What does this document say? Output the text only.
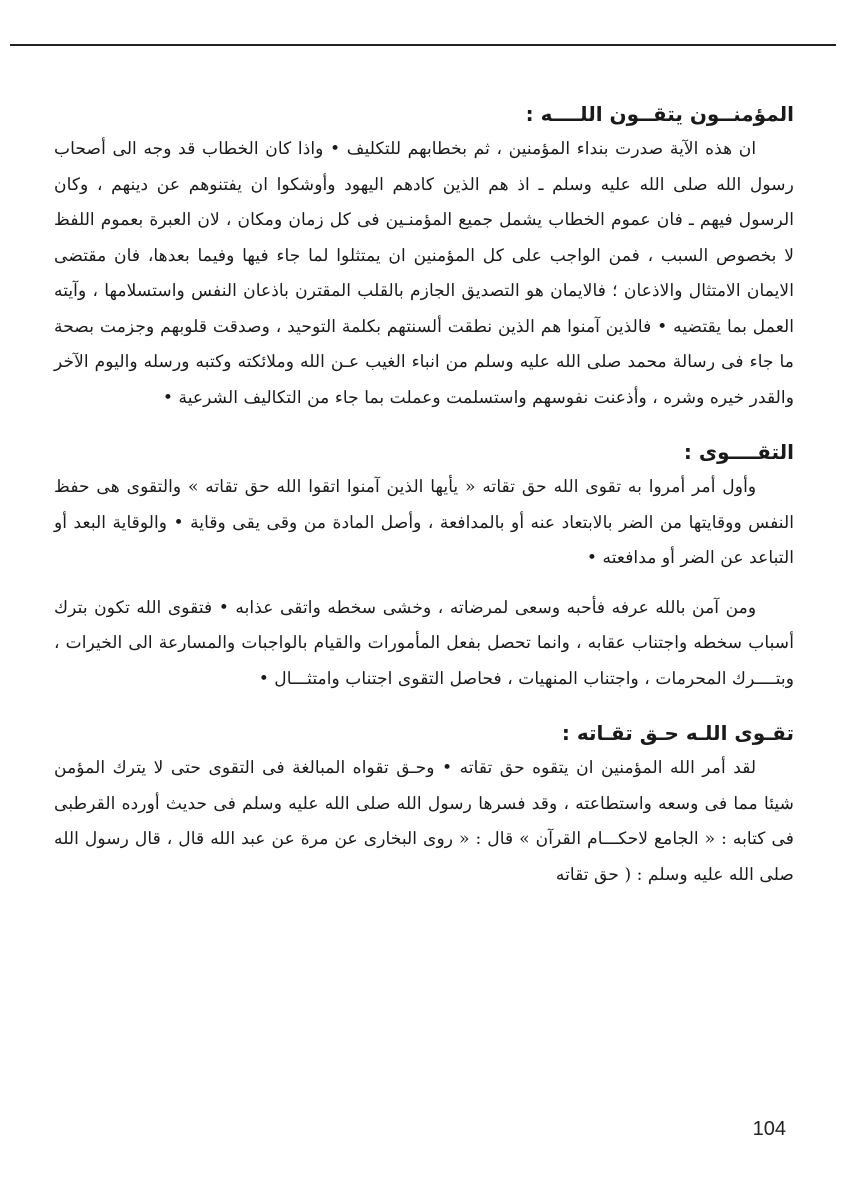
المؤمنــون يتقــون اللــــه :

ان هذه الآية صدرت بنداء المؤمنين ، ثم بخطابهم للتكليف • واذا كان الخطاب قد وجه الى أصحاب رسول الله صلى الله عليه وسلم ـ اذ هم الذين كادهم اليهود وأوشكوا ان يفتنوهم عن دينهم ، وكان الرسول فيهم ـ فان عموم الخطاب يشمل جميع المؤمنـين فى كل زمان ومكان ، لان العبرة بعموم اللفظ لا بخصوص السبب ، فمن الواجب على كل المؤمنين ان يمتثلوا لما جاء فيها وفيما بعدها، فان مقتضى الايمان الامتثال والاذعان ؛ فالايمان هو التصديق الجازم بالقلب المقترن باذعان النفس واستسلامها ، وآيته العمل بما يقتضيه • فالذين آمنوا هم الذين نطقت ألسنتهم بكلمة التوحيد ، وصدقت قلوبهم وجزمت بصحة ما جاء فى رسالة محمد صلى الله عليه وسلم من انباء الغيب عـن الله وملائكته وكتبه ورسله واليوم الآخر والقدر خيره وشره ، وأذعنت نفوسهم واستسلمت وعملت بما جاء من التكاليف الشرعية •

التقــــوى :

وأول أمر أمروا به تقوى الله حق تقاته « يأيها الذين آمنوا اتقوا الله حق تقاته » والتقوى هى حفظ النفس ووقايتها من الضر بالابتعاد عنه أو بالمدافعة ، وأصل المادة من وقى يقى وقاية • والوقاية البعد أو التباعد عن الضر أو مدافعته •

ومن آمن بالله عرفه فأحبه وسعى لمرضاته ، وخشى سخطه واتقى عذابه • فتقوى الله تكون بترك أسباب سخطه واجتناب عقابه ، وانما تحصل بفعل المأمورات والقيام بالواجبات والمسارعة الى الخيرات ، وبتــــرك المحرمات ، واجتناب المنهيات ، فحاصل التقوى اجتناب وامتثـــال •

تقـوى اللـه حـق تقـاته :

لقد أمر الله المؤمنين ان يتقوه حق تقاته • وحـق تقواه المبالغة فى التقوى حتى لا يترك المؤمن شيئا مما فى وسعه واستطاعته ، وقد فسرها رسول الله صلى الله عليه وسلم فى حديث أورده القرطبى فى كتابه : « الجامع لاحكـــام القرآن » قال : « روى البخارى عن مرة عن عبد الله قال ، قال رسول الله صلى الله عليه وسلم : ( حق تقاته

104
